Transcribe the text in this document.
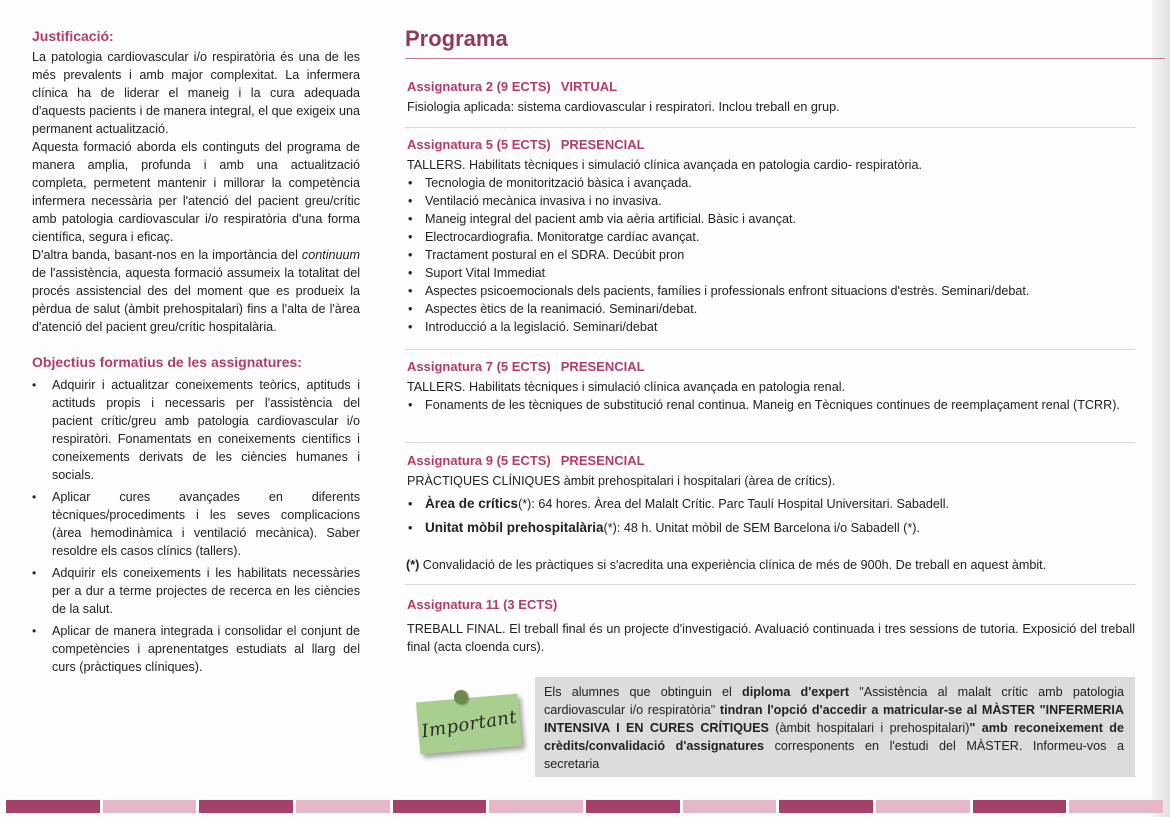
Justificació:

La patologia cardiovascular i/o respiratòria és una de les més prevalents i amb major complexitat. La infermera clínica ha de liderar el maneig i la cura adequada d'aquests pacients i de manera integral, el que exigeix una permanent actualització.

Aquesta formació aborda els continguts del programa de manera amplia, profunda i amb una actualització completa, permetent mantenir i millorar la competència infermera necessària per l'atenció del pacient greu/crític amb patologia cardiovascular i/o respiratòria d'una forma científica, segura i eficaç.

D'altra banda, basant-nos en la importància del continuum de l'assistència, aquesta formació assumeix la totalitat del procés assistencial des del moment que es produeix la pèrdua de salut (àmbit prehospitalari) fins a l'alta de l'àrea d'atenció del pacient greu/crític hospitalària.

Objectius formatius de les assignatures:

• Adquirir i actualitzar coneixements teòrics, aptituds i actituds propis i necessaris per l'assistència del pacient crític/greu amb patologia cardiovascular i/o respiratòri. Fonamentats en coneixements científics i coneixements derivats de les ciències humanes i socials.
• Aplicar cures avançades en diferents tècniques/procediments i les seves complicacions (àrea hemodinàmica i ventilació mecànica). Saber resoldre els casos clínics (tallers).
• Adquirir els coneixements i les habilitats necessàries per a dur a terme projectes de recerca en les ciències de la salut.
• Aplicar de manera integrada i consolidar el conjunt de competències i aprenentatges estudiats al llarg del curs (pràctiques clíniques).

Programa

Assignatura 2 (9 ECTS) VIRTUAL

Fisiologia aplicada: sistema cardiovascular i respiratori. Inclou treball en grup.

Assignatura 5 (5 ECTS) PRESENCIAL

TALLERS. Habilitats tècniques i simulació clínica avançada en patologia cardio- respiratòria.

• Tecnologia de monitorització bàsica i avançada.
• Ventilació mecànica invasiva i no invasiva.
• Maneig integral del pacient amb via aèria artificial. Bàsic i avançat.
• Electrocardiografia. Monitoratge cardíac avançat.
• Tractament postural en el SDRA. Decúbit pron
• Suport Vital Immediat
• Aspectes psicoemocionals dels pacients, famílies i professionals enfront situacions d'estrès. Seminari/debat.
• Aspectes ètics de la reanimació. Seminari/debat.
• Introducció a la legislació. Seminari/debat

Assignatura 7 (5 ECTS) PRESENCIAL

TALLERS. Habilitats tècniques i simulació clínica avançada en patologia renal.

• Fonaments de les tècniques de substitució renal continua. Maneig en Tècniques continues de reemplaçament renal (TCRR).

Assignatura 9 (5 ECTS) PRESENCIAL

PRÀCTIQUES CLÍNIQUES àmbit prehospitalari i hospitalari (àrea de crítics).

• Àrea de crítics(*): 64 hores. Àrea del Malalt Crític. Parc Taulí Hospital Universitari. Sabadell.
• Unitat mòbil prehospitalària(*): 48 h. Unitat mòbil de SEM Barcelona i/o Sabadell (*).
(*) Convalidació de les pràctiques si s'acredita una experiència clínica de més de 900h. De treball en aquest àmbit.

Assignatura 11 (3 ECTS)

TREBALL FINAL. El treball final és un projecte d'investigació. Avaluació continuada i tres sessions de tutoria. Exposició del treball final (acta cloenda curs).

Important
Els alumnes que obtinguin el diploma d'expert "Assistència al malalt crític amb patologia cardiovascular i/o respiratòria" tindran l'opció d'accedir a matricular-se al MÀSTER "INFERMERIA INTENSIVA I EN CURES CRÍTIQUES (àmbit hospitalari i prehospitalari)" amb reconeixement de crèdits/convalidació d'assignatures corresponents en l'estudi del MÀSTER. Informeu-vos a secretaria
